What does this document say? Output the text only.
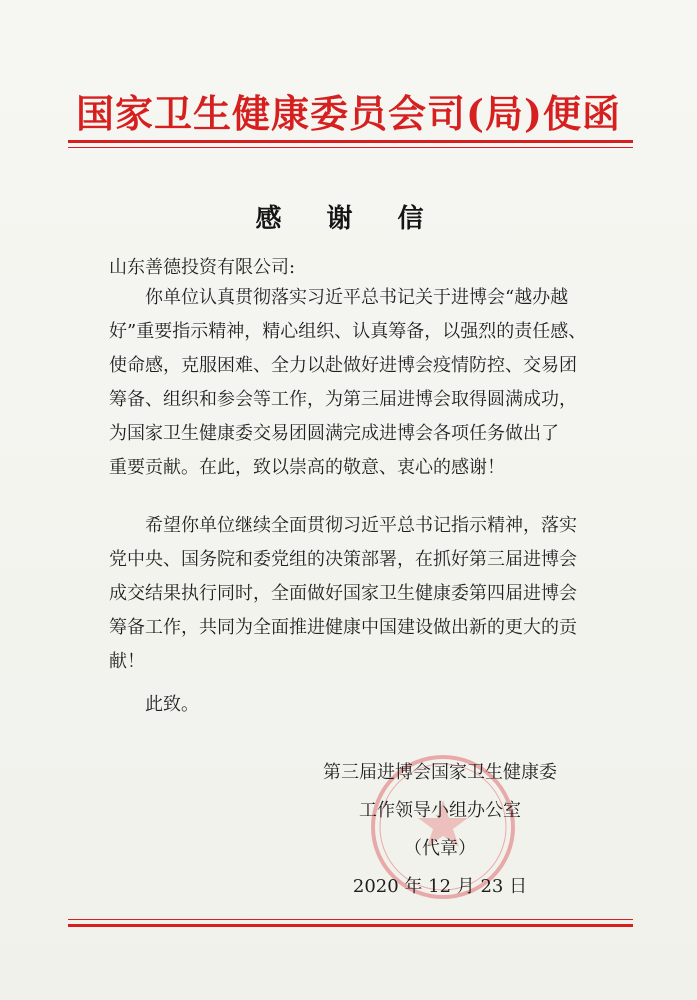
国家卫生健康委员会司(局)便函
感 谢 信
山东善德投资有限公司:
你单位认真贯彻落实习近平总书记关于进博会“越办越
好”重要指示精神，精心组织、认真筹备，以强烈的责任感、
使命感，克服困难、全力以赴做好进博会疫情防控、交易团
筹备、组织和参会等工作，为第三届进博会取得圆满成功，
为国家卫生健康委交易团圆满完成进博会各项任务做出了
重要贡献。在此，致以崇高的敬意、衷心的感谢！
希望你单位继续全面贯彻习近平总书记指示精神，落实
党中央、国务院和委党组的决策部署，在抓好第三届进博会
成交结果执行同时，全面做好国家卫生健康委第四届进博会
筹备工作，共同为全面推进健康中国建设做出新的更大的贡
献！
此致。
第三届进博会国家卫生健康委
工作领导小组办公室
（代章）
2020 年 12 月 23 日
